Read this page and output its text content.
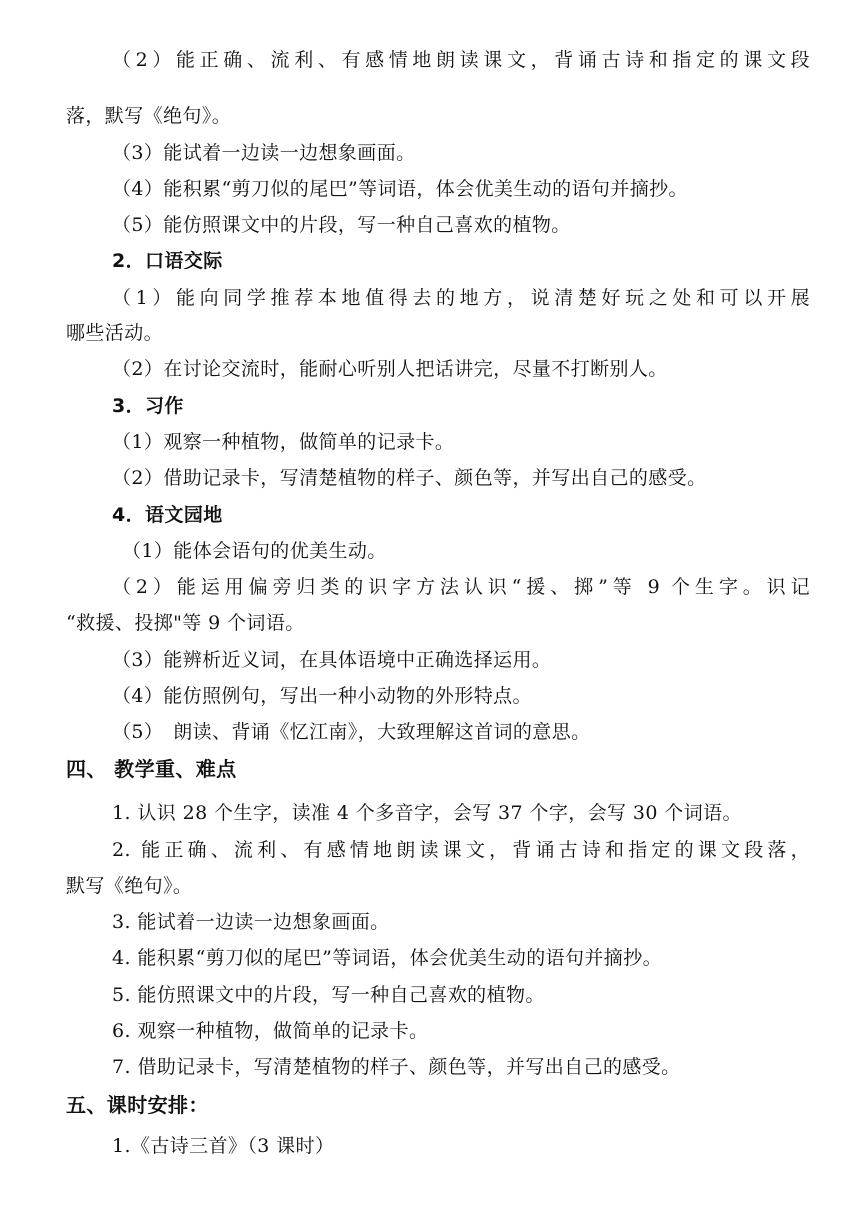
（2）能正确、流利、有感情地朗读课文，背诵古诗和指定的课文段
落，默写《绝句》。
（3）能试着一边读一边想象画面。
（4）能积累“剪刀似的尾巴”等词语，体会优美生动的语句并摘抄。
（5）能仿照课文中的片段，写一种自己喜欢的植物。
2．口语交际
（1）能向同学推荐本地值得去的地方，说清楚好玩之处和可以开展
哪些活动。
（2）在讨论交流时，能耐心听别人把话讲完，尽量不打断别人。
3．习作
（1）观察一种植物，做简单的记录卡。
（2）借助记录卡，写清楚植物的样子、颜色等，并写出自己的感受。
4．语文园地
（1）能体会语句的优美生动。
（2）能运用偏旁归类的识字方法认识“援、掷”等 9 个生字。识记
“救援、投掷"等 9 个词语。
（3）能辨析近义词，在具体语境中正确选择运用。
（4）能仿照例句，写出一种小动物的外形特点。
（5）　朗读、背诵《忆江南》，大致理解这首词的意思。
四、 教学重、难点
1. 认识 28 个生字，读准 4 个多音字，会写 37 个字，会写 30 个词语。
2. 能正确、流利、有感情地朗读课文，背诵古诗和指定的课文段落，
默写《绝句》。
3. 能试着一边读一边想象画面。
4. 能积累“剪刀似的尾巴”等词语，体会优美生动的语句并摘抄。
5. 能仿照课文中的片段，写一种自己喜欢的植物。
6. 观察一种植物，做简单的记录卡。
7. 借助记录卡，写清楚植物的样子、颜色等，并写出自己的感受。
五、课时安排：
1.《古诗三首》（3 课时）
